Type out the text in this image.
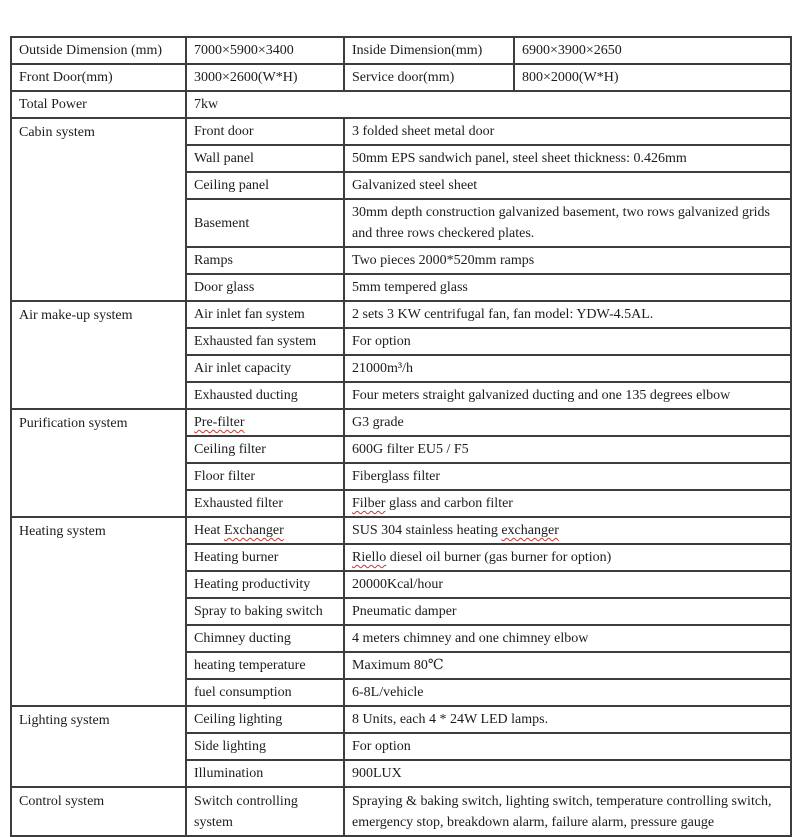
Outside Dimension (mm)	7000×5900×3400	Inside Dimension(mm)	6900×3900×2650
Front Door(mm)	3000×2600(W*H)	Service door(mm)	800×2000(W*H)
Total Power	7kw		
Cabin system	Front door	3 folded sheet metal door	
	Wall panel	50mm EPS sandwich panel, steel sheet thickness: 0.426mm	
	Ceiling panel	Galvanized steel sheet	
	Basement	30mm depth construction galvanized basement, two rows galvanized grids and three rows checkered plates.	
	Ramps	Two pieces 2000*520mm ramps	
	Door glass	5mm tempered glass	
Air make-up system	Air inlet fan system	2 sets 3 KW centrifugal fan, fan model: YDW-4.5AL.	
	Exhausted fan system	For option	
	Air inlet capacity	21000m³/h	
	Exhausted ducting	Four meters straight galvanized ducting and one 135 degrees elbow	
Purification system	Pre-filter	G3 grade	
	Ceiling filter	600G filter EU5 / F5	
	Floor filter	Fiberglass filter	
	Exhausted filter	Filber glass and carbon filter	
Heating system	Heat Exchanger	SUS 304 stainless heating exchanger	
	Heating burner	Riello diesel oil burner (gas burner for option)	
	Heating productivity	20000Kcal/hour	
	Spray to baking switch	Pneumatic damper	
	Chimney ducting	4 meters chimney and one chimney elbow	
	heating temperature	Maximum 80℃	
	fuel consumption	6-8L/vehicle	
Lighting system	Ceiling lighting	8 Units, each 4 * 24W LED lamps.	
	Side lighting	For option	
	Illumination	900LUX	
Control system	Switch controlling system	Spraying & baking switch, lighting switch, temperature controlling switch, emergency stop, breakdown alarm, failure alarm, pressure gauge	
